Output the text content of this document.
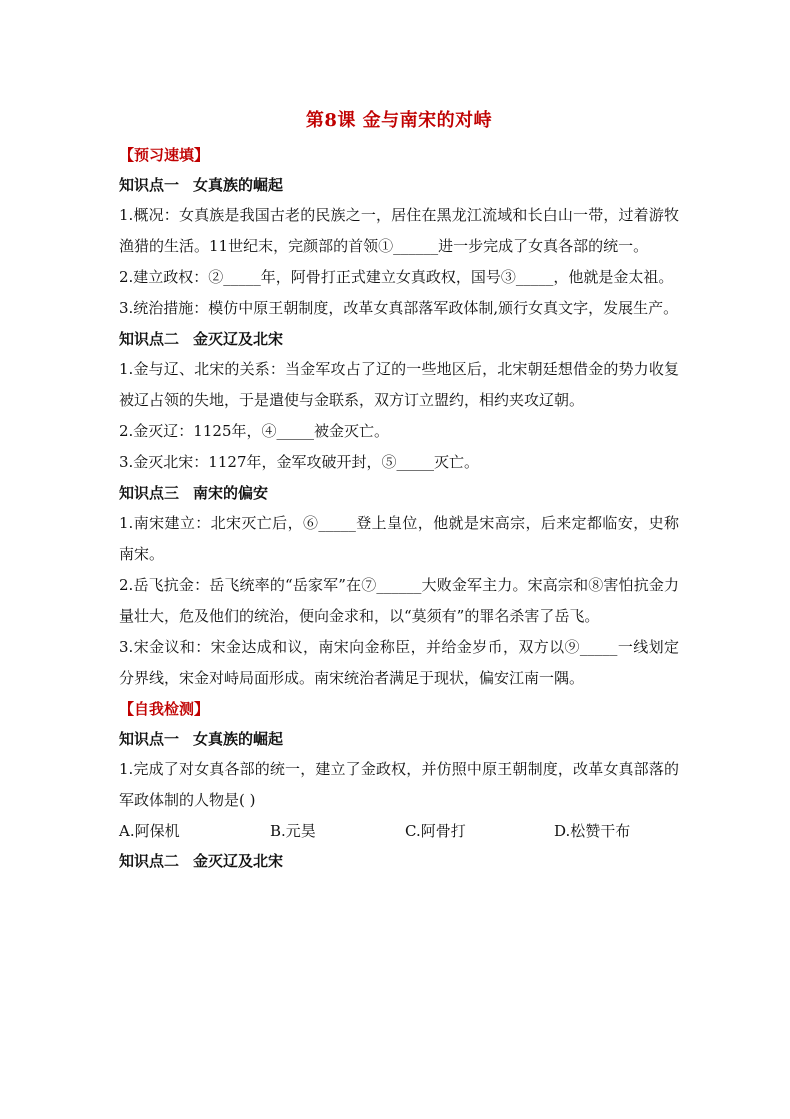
第8课 金与南宋的对峙
【预习速填】
知识点一 女真族的崛起

1.概况：女真族是我国古老的民族之一，居住在黑龙江流域和长白山一带，过着游牧渔猎的生活。11世纪末，完颜部的首领①______进一步完成了女真各部的统一。

2.建立政权：②_____年，阿骨打正式建立女真政权，国号③_____，他就是金太祖。

3.统治措施：模仿中原王朝制度，改革女真部落军政体制,颁行女真文字，发展生产。

知识点二 金灭辽及北宋

1.金与辽、北宋的关系：当金军攻占了辽的一些地区后，北宋朝廷想借金的势力收复被辽占领的失地，于是遣使与金联系，双方订立盟约，相约夹攻辽朝。

2.金灭辽：1125年，④_____被金灭亡。

3.金灭北宋：1127年，金军攻破开封，⑤_____灭亡。

知识点三 南宋的偏安

1.南宋建立：北宋灭亡后，⑥_____登上皇位，他就是宋高宗，后来定都临安，史称南宋。

2.岳飞抗金：岳飞统率的“岳家军”在⑦______大败金军主力。宋高宗和⑧害怕抗金力量壮大，危及他们的统治，便向金求和，以“莫须有”的罪名杀害了岳飞。

3.宋金议和：宋金达成和议，南宋向金称臣，并给金岁币，双方以⑨_____一线划定分界线，宋金对峙局面形成。南宋统治者满足于现状，偏安江南一隅。

【自我检测】
知识点一 女真族的崛起

1.完成了对女真各部的统一，建立了金政权，并仿照中原王朝制度，改革女真部落的军政体制的人物是( )

A.阿保机	B.元昊	C.阿骨打	D.松赞干布
知识点二 金灭辽及北宋
